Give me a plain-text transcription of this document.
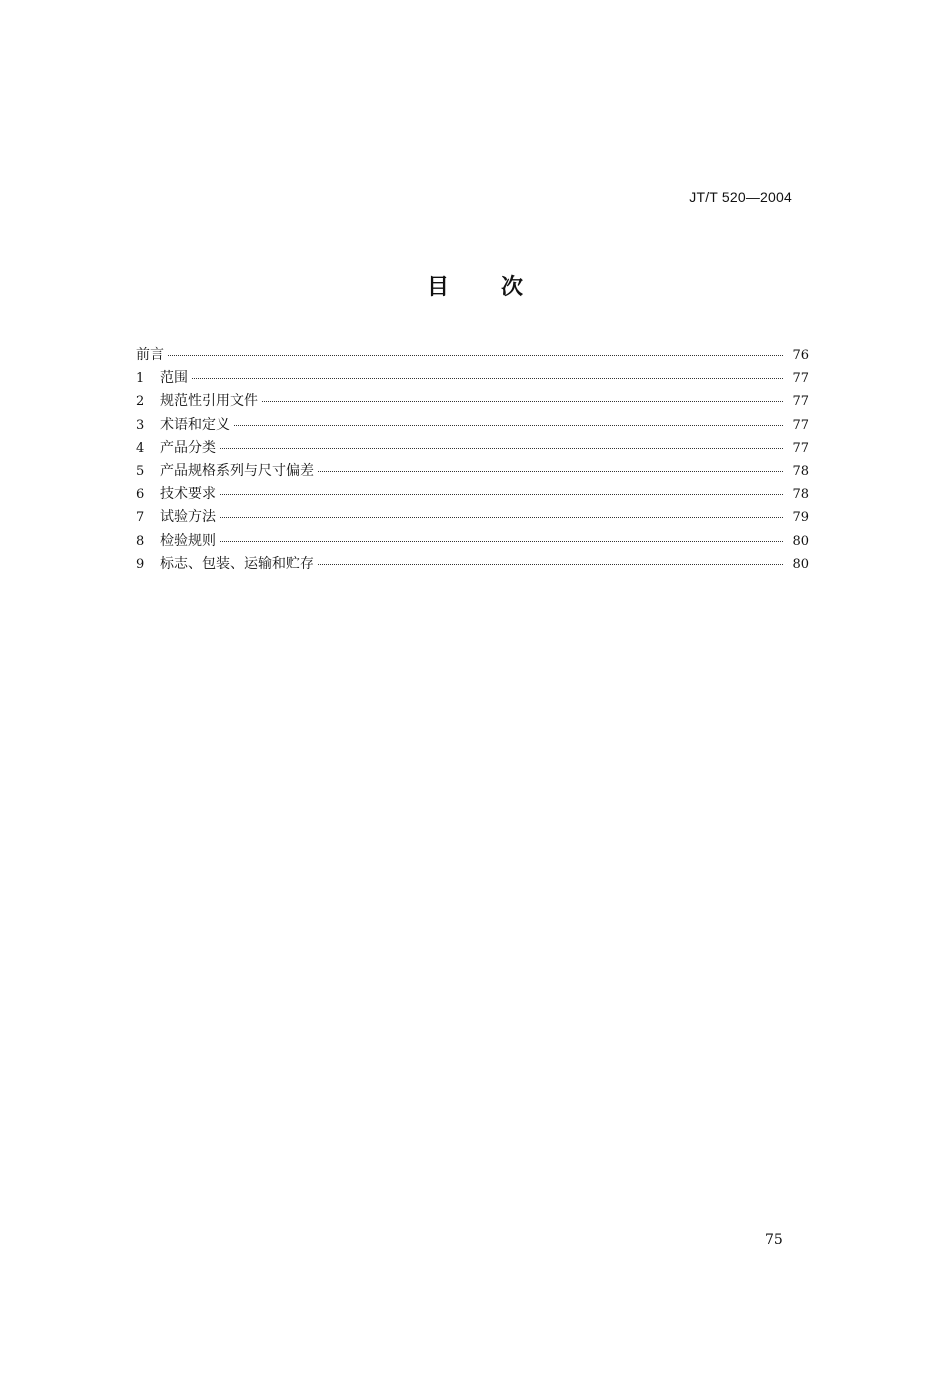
JT/T 520—2004
目 次
前言	76
1	范围	77
2	规范性引用文件	77
3	术语和定义	77
4	产品分类	77
5	产品规格系列与尺寸偏差	78
6	技术要求	78
7	试验方法	79
8	检验规则	80
9	标志、包装、运输和贮存	80
75
